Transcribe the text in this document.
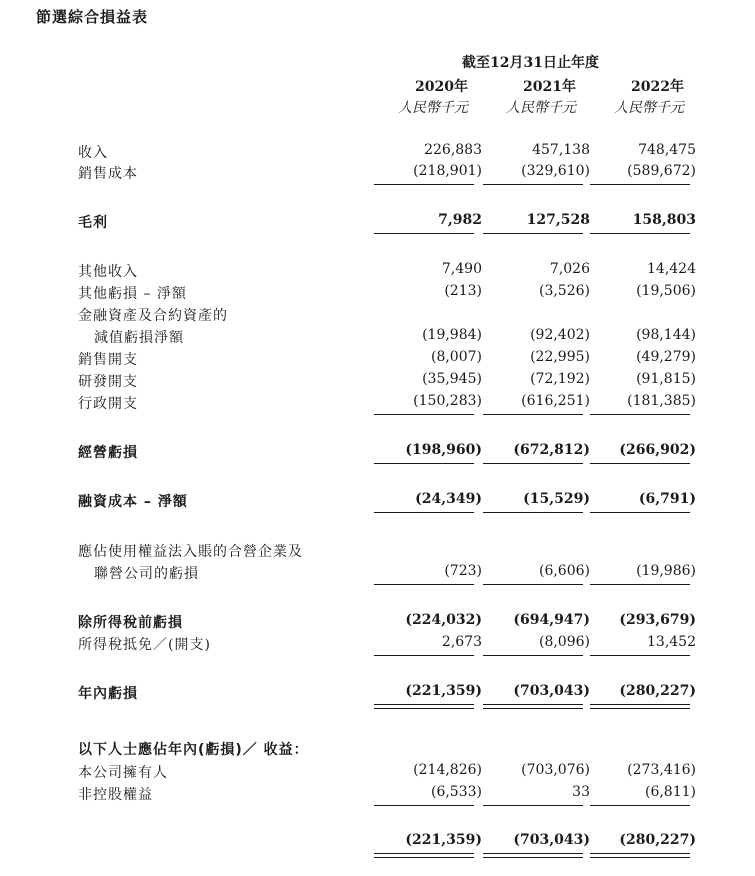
節選綜合損益表
截至12月31日止年度
2020年	2021年	2022年
人民幣千元	人民幣千元	人民幣千元
收入	226,883	457,138	748,475
銷售成本	(218,901)	(329,610)	(589,672)
毛利	7,982	127,528	158,803
其他收入	7,490	7,026	14,424
其他虧損 – 淨額	(213)	(3,526)	(19,506)
金融資產及合約資產的
減值虧損淨額	(19,984)	(92,402)	(98,144)
銷售開支	(8,007)	(22,995)	(49,279)
研發開支	(35,945)	(72,192)	(91,815)
行政開支	(150,283)	(616,251)	(181,385)
經營虧損	(198,960)	(672,812)	(266,902)
融資成本 – 淨額	(24,349)	(15,529)	(6,791)
應佔使用權益法入賬的合營企業及
聯營公司的虧損	(723)	(6,606)	(19,986)
除所得稅前虧損	(224,032)	(694,947)	(293,679)
所得稅抵免／(開支)	2,673	(8,096)	13,452
年內虧損	(221,359)	(703,043)	(280,227)
以下人士應佔年內(虧損)／ 收益：
本公司擁有人	(214,826)	(703,076)	(273,416)
非控股權益	(6,533)	33	(6,811)
(221,359)	(703,043)	(280,227)
